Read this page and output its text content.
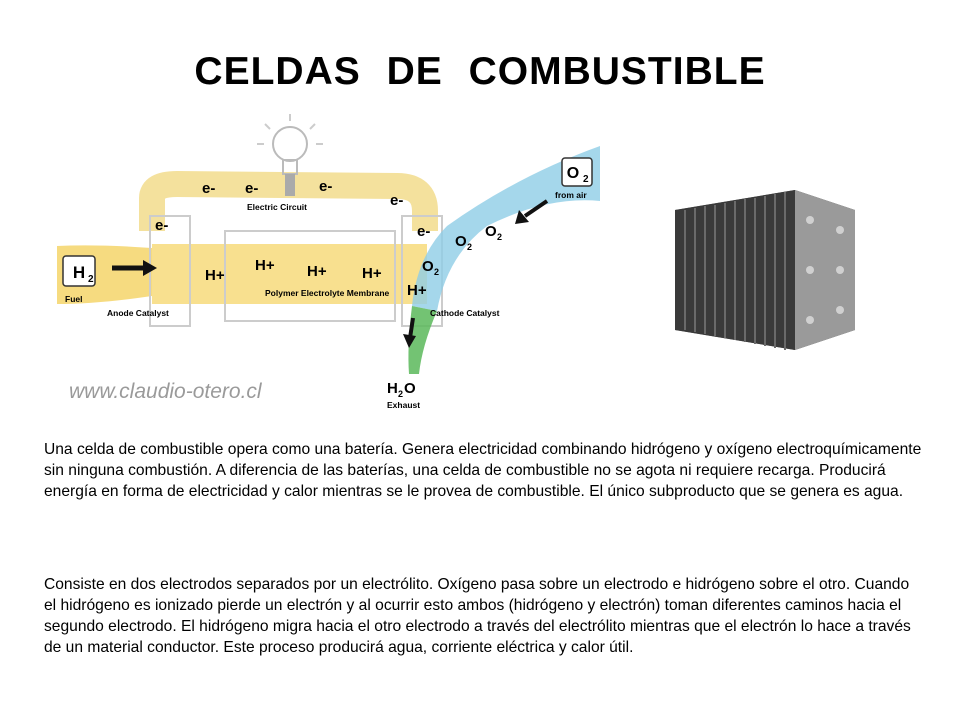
CELDAS DE COMBUSTIBLE
H 2
O 2
O 2
O 2
O 2
H 2 O
e- e-	e-
e-
e-	e-
Electric Circuit
H+
H+ H+ H+
H+
Fuel
Anode Catalyst
Polymer Electrolyte Membrane
Cathode Catalyst
from air
Exhaust
www.claudio-otero.cl

Una celda de combustible opera como una batería. Genera electricidad combinando hidrógeno y oxígeno electroquímicamente sin ninguna combustión. A diferencia de las baterías, una celda de combustible no se agota ni requiere recarga. Producirá energía en forma de electricidad y calor mientras se le provea de combustible. El único subproducto que se genera es agua.

Consiste en dos electrodos separados por un electrólito. Oxígeno pasa sobre un electrodo e hidrógeno sobre el otro. Cuando el hidrógeno es ionizado pierde un electrón y al ocurrir esto ambos (hidrógeno y electrón) toman diferentes caminos hacia el segundo electrodo. El hidrógeno migra hacia el otro electrodo a través del electrólito mientras que el electrón lo hace a través de un material conductor. Este proceso producirá agua, corriente eléctrica y calor útil.
